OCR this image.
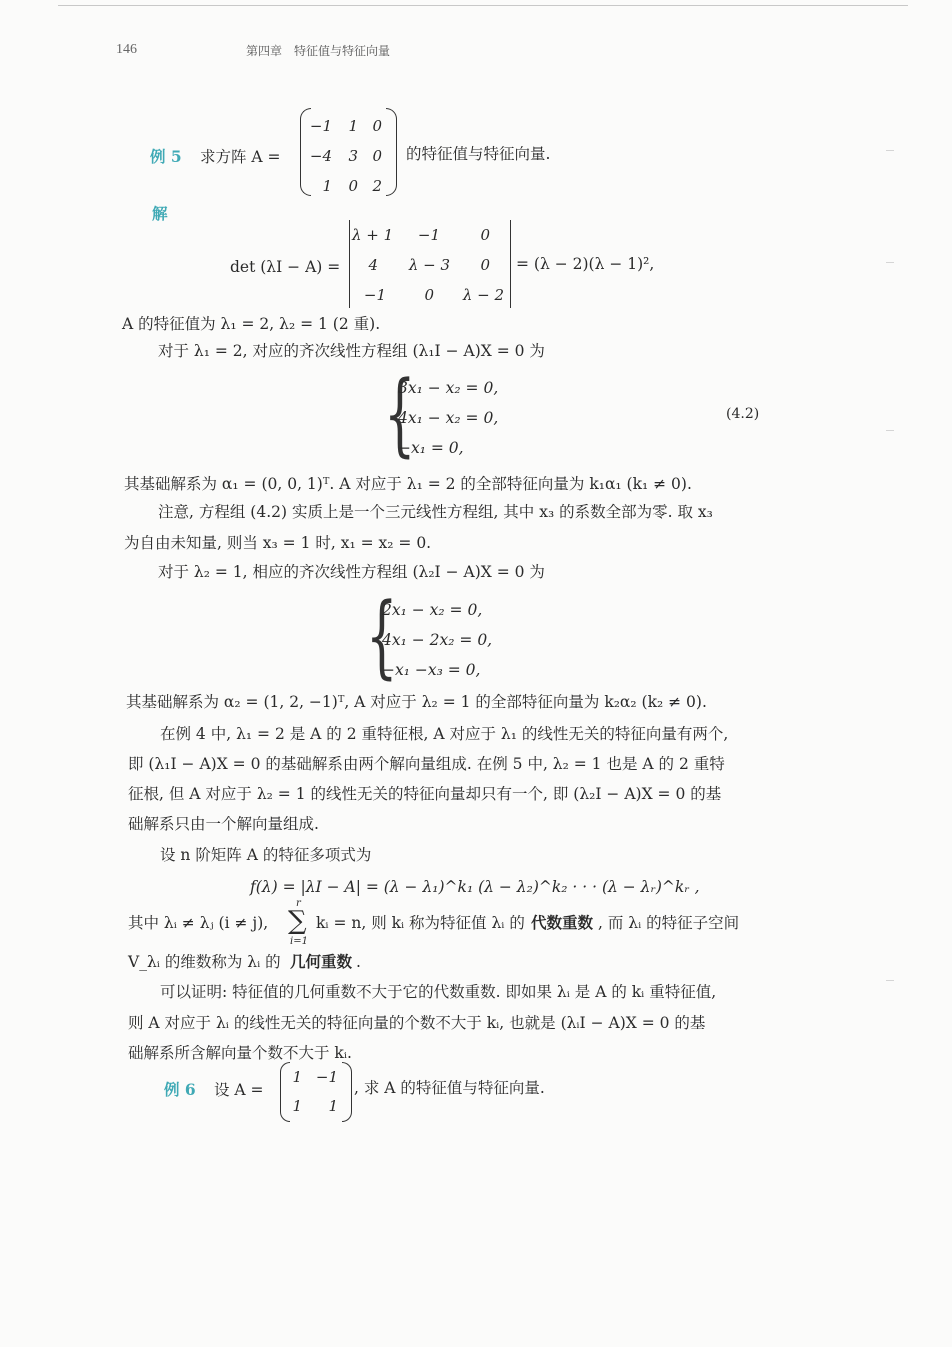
146	第四章　特征值与特征向量
例 5 求方阵 A =
−1	1 0
−4	3 0
1	0 2
的特征值与特征向量.
解
det (λI − A) =
λ + 1	−1	0
4	λ − 3	0
−1	0	λ − 2
= (λ − 2)(λ − 1)²,
A 的特征值为 λ₁ = 2, λ₂ = 1 (2 重).
对于 λ₁ = 2, 对应的齐次线性方程组 (λ₁I − A)X = 0 为
{
3x₁ − x₂ = 0,
4x₁ − x₂ = 0,
−x₁ = 0,
(4.2)
其基础解系为 α₁ = (0, 0, 1)ᵀ. A 对应于 λ₁ = 2 的全部特征向量为 k₁α₁ (k₁ ≠ 0).
注意, 方程组 (4.2) 实质上是一个三元线性方程组, 其中 x₃ 的系数全部为零. 取 x₃
为自由未知量, 则当 x₃ = 1 时, x₁ = x₂ = 0.
对于 λ₂ = 1, 相应的齐次线性方程组 (λ₂I − A)X = 0 为
{
2x₁ − x₂ = 0,
4x₁ − 2x₂ = 0,
−x₁ −x₃ = 0,
其基础解系为 α₂ = (1, 2, −1)ᵀ, A 对应于 λ₂ = 1 的全部特征向量为 k₂α₂ (k₂ ≠ 0).
在例 4 中, λ₁ = 2 是 A 的 2 重特征根, A 对应于 λ₁ 的线性无关的特征向量有两个,
即 (λ₁I − A)X = 0 的基础解系由两个解向量组成. 在例 5 中, λ₂ = 1 也是 A 的 2 重特
征根, 但 A 对应于 λ₂ = 1 的线性无关的特征向量却只有一个, 即 (λ₂I − A)X = 0 的基
础解系只由一个解向量组成.
设 n 阶矩阵 A 的特征多项式为
f(λ) = |λI − A| = (λ − λ₁)^k₁ (λ − λ₂)^k₂ · · · (λ − λᵣ)^kᵣ ,
其中 λᵢ ≠ λⱼ (i ≠ j),
r
∑
i=1
kᵢ = n, 则 kᵢ 称为特征值 λᵢ 的 代数重数 , 而 λᵢ 的特征子空间
V_λᵢ 的维数称为 λᵢ 的 几何重数 .
可以证明: 特征值的几何重数不大于它的代数重数. 即如果 λᵢ 是 A 的 kᵢ 重特征值,
则 A 对应于 λᵢ 的线性无关的特征向量的个数不大于 kᵢ, 也就是 (λᵢI − A)X = 0 的基
础解系所含解向量个数不大于 kᵢ.
例 6 设 A =
1 −1
1	1
, 求 A 的特征值与特征向量.
